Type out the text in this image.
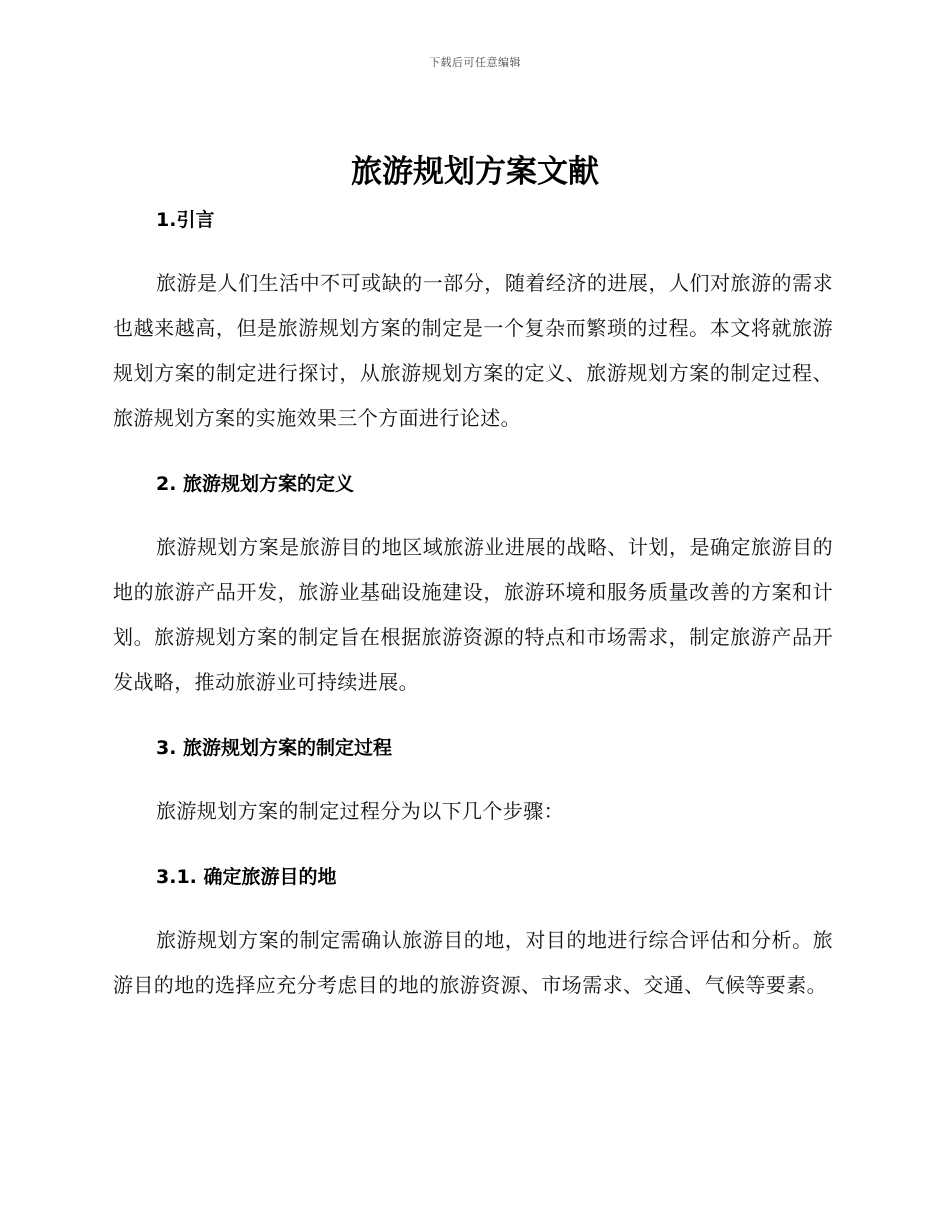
下载后可任意编辑
旅游规划方案文献
1.引言

旅游是人们生活中不可或缺的一部分，随着经济的进展，人们对旅游的需求也越来越高，但是旅游规划方案的制定是一个复杂而繁琐的过程。本文将就旅游规划方案的制定进行探讨，从旅游规划方案的定义、旅游规划方案的制定过程、旅游规划方案的实施效果三个方面进行论述。

2. 旅游规划方案的定义

旅游规划方案是旅游目的地区域旅游业进展的战略、计划，是确定旅游目的地的旅游产品开发，旅游业基础设施建设，旅游环境和服务质量改善的方案和计划。旅游规划方案的制定旨在根据旅游资源的特点和市场需求，制定旅游产品开发战略，推动旅游业可持续进展。

3. 旅游规划方案的制定过程

旅游规划方案的制定过程分为以下几个步骤：

3.1. 确定旅游目的地

旅游规划方案的制定需确认旅游目的地，对目的地进行综合评估和分析。旅游目的地的选择应充分考虑目的地的旅游资源、市场需求、交通、气候等要素。
